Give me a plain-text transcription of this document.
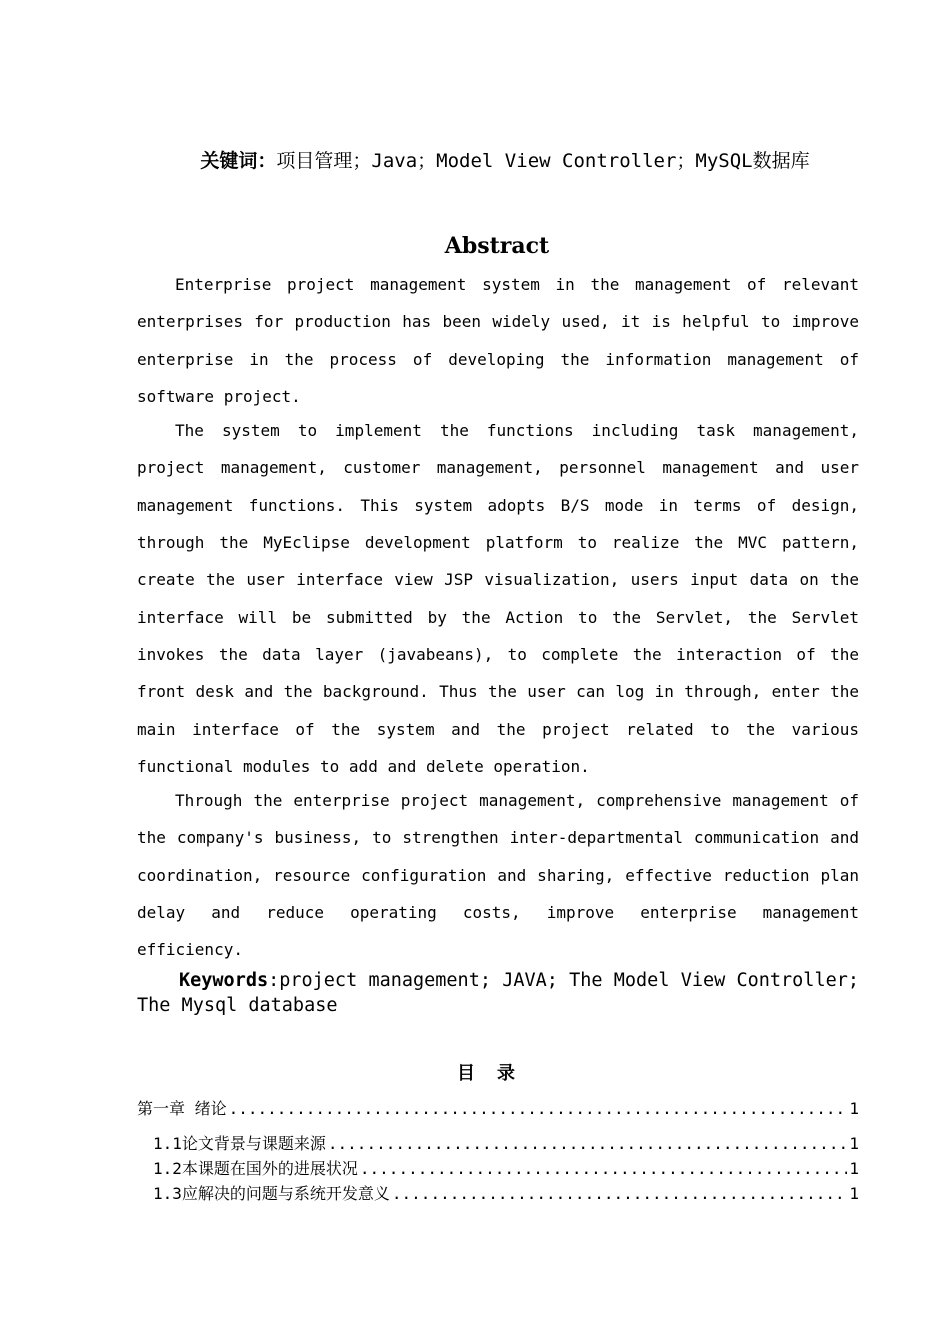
关键词：项目管理；Java；Model View Controller；MySQL数据库
Abstract

Enterprise project management system in the management of relevant enterprises for production has been widely used, it is helpful to improve enterprise in the process of developing the information management of software project.

The system to implement the functions including task management, project management, customer management, personnel management and user management functions. This system adopts B/S mode in terms of design, through the MyEclipse development platform to realize the MVC pattern, create the user interface view JSP visualization, users input data on the interface will be submitted by the Action to the Servlet, the Servlet invokes the data layer (javabeans), to complete the interaction of the front desk and the background. Thus the user can log in through, enter the main interface of the system and the project related to the various functional modules to add and delete operation.

Through the enterprise project management, comprehensive management of the company's business, to strengthen inter-departmental communication and coordination, resource configuration and sharing, effective reduction plan delay and reduce operating costs, improve enterprise management efficiency.

Keywords:project management; JAVA; The Model View Controller; The Mysql database
目录
第一章 绪论 .....	1
1.1论文背景与课题来源 .....	1
1.2本课题在国外的进展状况 .....	1
1.3应解决的问题与系统开发意义 .....	1
